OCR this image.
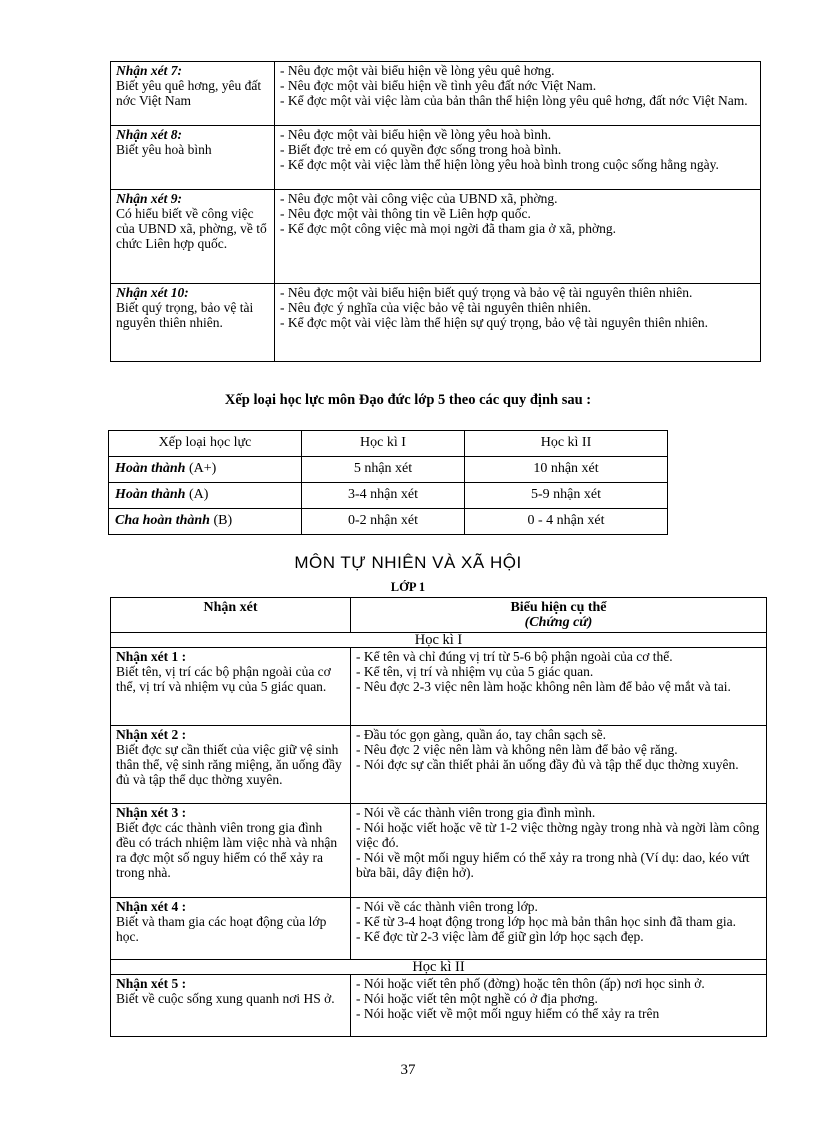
Nhận xét 7:
Biết yêu quê hơng, yêu đất nớc Việt Nam	- Nêu đợc một vài biểu hiện về lòng yêu quê hơng.
- Nêu đợc một vài biểu hiện về tình yêu đất nớc Việt Nam.
- Kể đợc một vài việc làm của bản thân thể hiện lòng yêu quê hơng, đất nớc Việt Nam.

Nhận xét 8:
Biết yêu hoà bình	- Nêu đợc một vài biểu hiện về lòng yêu hoà bình.
- Biết đợc trẻ em có quyền đợc sống trong hoà bình.
- Kể đợc một vài việc làm thể hiện lòng yêu hoà bình trong cuộc sống hằng ngày.

Nhận xét 9:
Có hiểu biết về công việc của UBND xã, phờng, về tổ chức Liên hợp quốc.	- Nêu đợc một vài công việc của UBND xã, phờng.
- Nêu đợc một vài thông tin về Liên hợp quốc.
- Kể đợc một công việc mà mọi ngời đã tham gia ở xã, phờng.

Nhận xét 10:
Biết quý trọng, bảo vệ tài nguyên thiên nhiên.	- Nêu đợc một vài biểu hiện biết quý trọng và bảo vệ tài nguyên thiên nhiên.
- Nêu đợc ý nghĩa của việc bảo vệ tài nguyên thiên nhiên.
- Kể đợc một vài việc làm thể hiện sự quý trọng, bảo vệ tài nguyên thiên nhiên.
Xếp loại học lực môn Đạo đức lớp 5 theo các quy định sau :
Xếp loại học lực	Học kì I	Học kì II
Hoàn thành (A+)	5 nhận xét	10 nhận xét
Hoàn thành (A)	3-4 nhận xét	5-9 nhận xét
Cha hoàn thành (B)	0-2 nhận xét	0 - 4 nhận xét
MÔN TỰ NHIÊN VÀ XÃ HỘI
LỚP 1
Nhận xét	Biểu hiện cụ thể
(Chứng cứ)

Học kì I	

Nhận xét 1 :
Biết tên, vị trí các bộ phận ngoài của cơ thể, vị trí và nhiệm vụ của 5 giác quan.	- Kể tên và chỉ đúng vị trí từ 5-6 bộ phận ngoài của cơ thể.
- Kể tên, vị trí và nhiệm vụ của 5 giác quan.
- Nêu đợc 2-3 việc nên làm hoặc không nên làm để bảo vệ mắt và tai.

Nhận xét 2 :
Biết đợc sự cần thiết của việc giữ vệ sinh thân thể, vệ sinh răng miệng, ăn uống đầy đủ và tập thể dục thờng xuyên.	- Đầu tóc gọn gàng, quần áo, tay chân sạch sẽ.
- Nêu đợc 2 việc nên làm và không nên làm để bảo vệ răng.
- Nói đợc sự cần thiết phải ăn uống đầy đủ và tập thể dục thờng xuyên.

Nhận xét 3 :
Biết đợc các thành viên trong gia đình đều có trách nhiệm làm việc nhà và nhận ra đợc một số nguy hiểm có thể xảy ra trong nhà.	- Nói về các thành viên trong gia đình mình.
- Nói hoặc viết hoặc vẽ từ 1-2 việc thờng ngày trong nhà và ngời làm công việc đó.
- Nói về một mối nguy hiểm có thể xảy ra trong nhà (Ví dụ: dao, kéo vứt bừa bãi, dây điện hở).

Nhận xét 4 :
Biết và tham gia các hoạt động của lớp học.	- Nói về các thành viên trong lớp.
- Kể từ 3-4 hoạt động trong lớp học mà bản thân học sinh đã tham gia.
- Kể đợc từ 2-3 việc làm để giữ gìn lớp học sạch đẹp.

Học kì II	

Nhận xét 5 :
Biết về cuộc sống xung quanh nơi HS ở.	- Nói hoặc viết tên phố (đờng) hoặc tên thôn (ấp) nơi học sinh ở.
- Nói hoặc viết tên một nghề có ở địa phơng.
- Nói hoặc viết về một mối nguy hiểm có thể xảy ra trên
37
